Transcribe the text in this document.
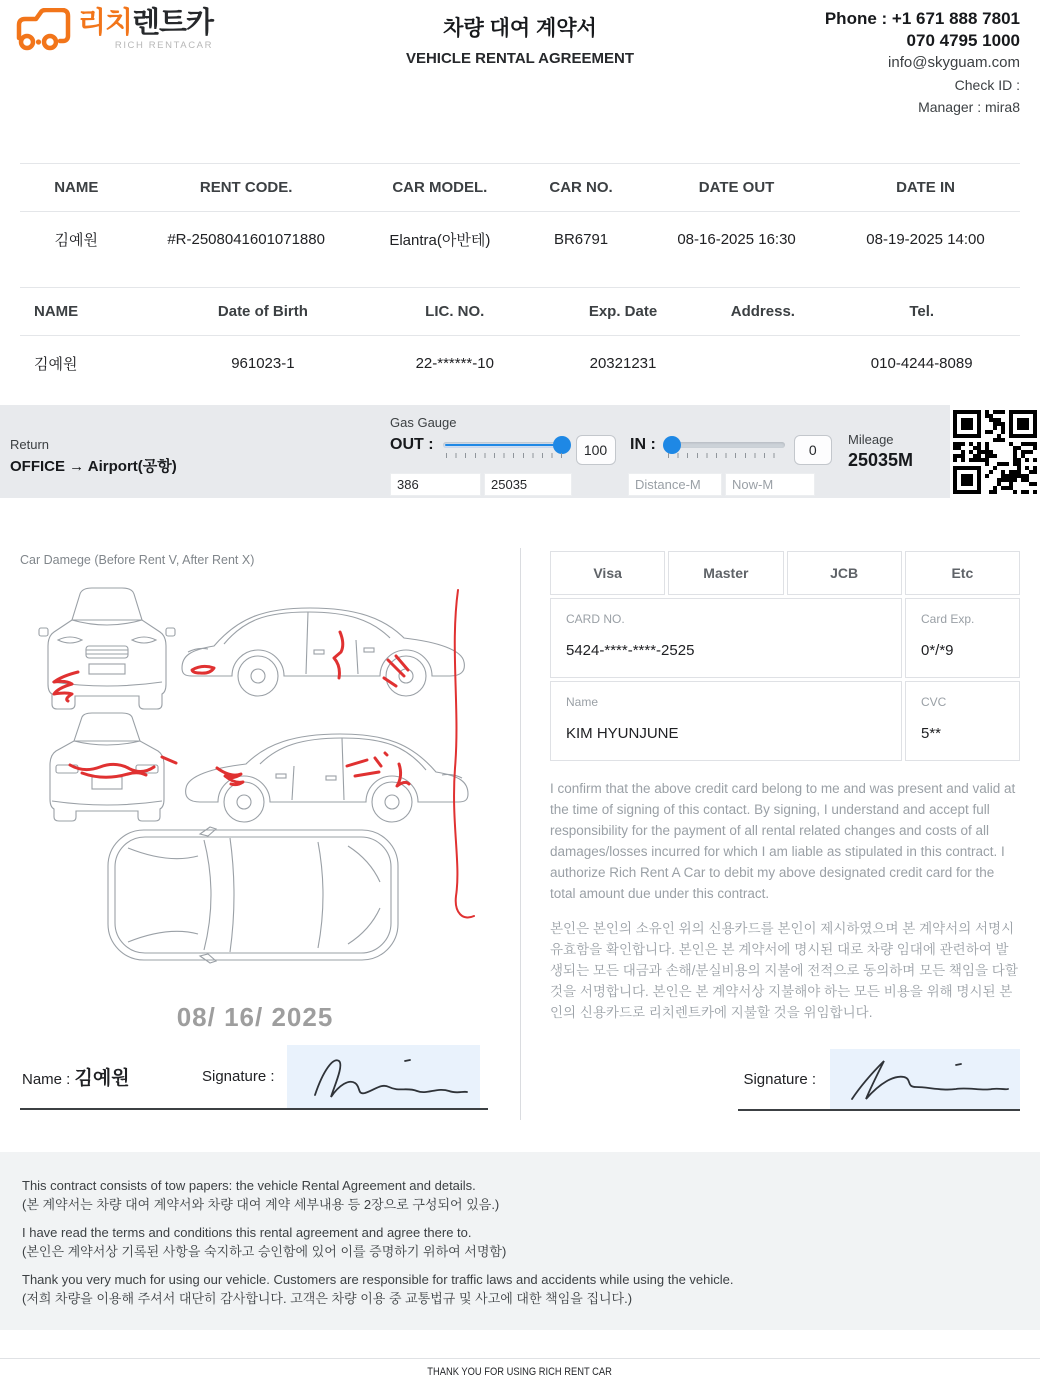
리치렌트카
RICH RENTACAR
차량 대여 계약서
VEHICLE RENTAL AGREEMENT
Phone : +1 671 888 7801
070 4795 1000
info@skyguam.com
Check ID :
Manager : mira8
NAME	RENT CODE.	CAR MODEL.	CAR NO.	DATE OUT	DATE IN
김예원	#R-2508041601071880	Elantra(아반테)	BR6791	08-16-2025 16:30	08-19-2025 14:00
NAME	Date of Birth	LIC. NO.	Exp. Date	Address.	Tel.
김예원	961023-1	22-******-10	20321231		010-4244-8089
Return
OFFICE → Airport(공항)
Gas Gauge
OUT :	100
386
25035	IN :	0
Distance-M
Now-M
Mileage
25035M
Car Damege (Before Rent V, After Rent X)
08/ 16/ 2025
Name : 김예원	Signature :
Visa	Master	JCB	Etc
CARD NO.
5424-****-****-2525
Card Exp.
0*/*9
Name
KIM HYUNJUNE
CVC
5**

I confirm that the above credit card belong to me and was present and valid at the time of signing of this contact. By signing, I understand and accept full responsibility for the payment of all rental related changes and costs of all damages/losses incurred for which I am liable as stipulated in this contract. I authorize Rich Rent A Car to debit my above designated credit card for the total amount due under this contract.

본인은 본인의 소유인 위의 신용카드를 본인이 제시하였으며 본 계약서의 서명시 유효함을 확인합니다. 본인은 본 계약서에 명시된 대로 차량 임대에 관련하여 발생되는 모든 대금과 손해/분실비용의 지불에 전적으로 동의하며 모든 책임을 다할 것을 서명합니다. 본인은 본 계약서상 지불해야 하는 모든 비용을 위해 명시된 본인의 신용카드로 리치렌트카에 지불할 것을 위임합니다.

Signature :

This contract consists of tow papers: the vehicle Rental Agreement and details.

(본 계약서는 차량 대여 계약서와 차량 대여 계약 세부내용 등 2장으로 구성되어 있음.)

I have read the terms and conditions this rental agreement and agree there to.

(본인은 계약서상 기록된 사항을 숙지하고 승인함에 있어 이를 증명하기 위하여 서명함)

Thank you very much for using our vehicle. Customers are responsible for traffic laws and accidents while using the vehicle.

(저희 차량을 이용해 주셔서 대단히 감사합니다. 고객은 차량 이용 중 교통법규 및 사고에 대한 책임을 집니다.)

THANK YOU FOR USING RICH RENT CAR
